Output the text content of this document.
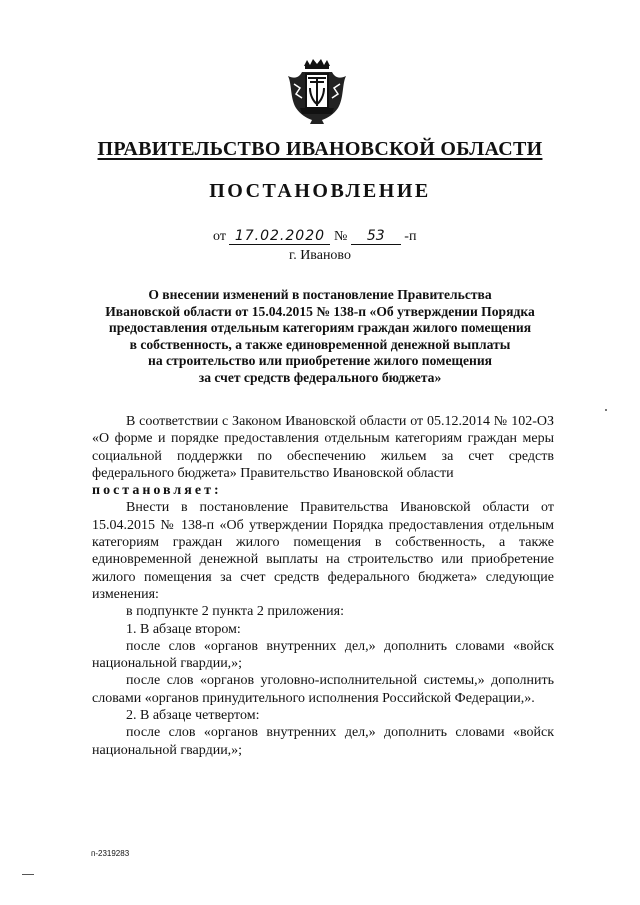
ПРАВИТЕЛЬСТВО ИВАНОВСКОЙ ОБЛАСТИ
ПОСТАНОВЛЕНИЕ
от 17.02.2020 № 53 -п
г. Иваново
О внесении изменений в постановление Правительства
Ивановской области от 15.04.2015 № 138-п «Об утверждении Порядка
предоставления отдельным категориям граждан жилого помещения
в собственность, а также единовременной денежной выплаты
на строительство или приобретение жилого помещения
за счет средств федерального бюджета»
В соответствии с Законом Ивановской области от 05.12.2014 № 102-ОЗ «О форме и порядке предоставления отдельным категориям граждан меры социальной поддержки по обеспечению жильем за счет средств федерального бюджета» Правительство Ивановской области
постановляет:
Внести в постановление Правительства Ивановской области от 15.04.2015 № 138-п «Об утверждении Порядка предоставления отдельным категориям граждан жилого помещения в собственность, а также единовременной денежной выплаты на строительство или приобретение жилого помещения за счет средств федерального бюджета» следующие изменения:
в подпункте 2 пункта 2 приложения:
1. В абзаце втором:
после слов «органов внутренних дел,» дополнить словами «войск национальной гвардии,»;
после слов «органов уголовно-исполнительной системы,» дополнить словами «органов принудительного исполнения Российской Федерации,».
2. В абзаце четвертом:
после слов «органов внутренних дел,» дополнить словами «войск национальной гвардии,»;
п-2319283
